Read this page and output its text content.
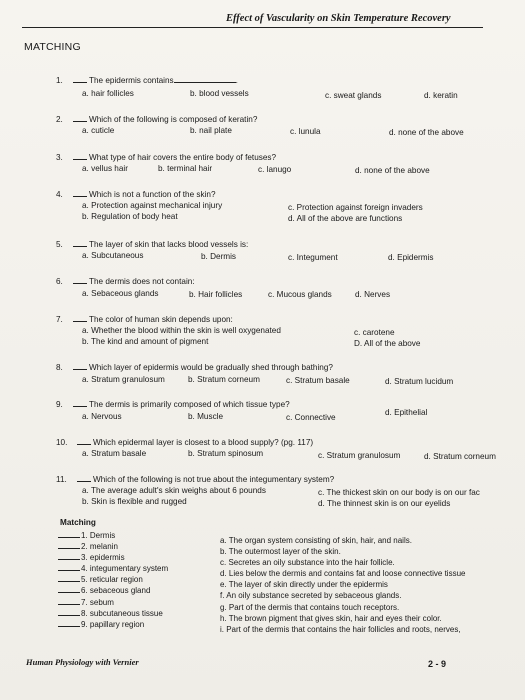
Effect of Vascularity on Skin Temperature Recovery
MATCHING
1.	The epidermis contains	.
a. hair follicles	b. blood vessels	c. sweat glands	d. keratin
2.	Which of the following is composed of keratin?
a. cuticle	b. nail plate	c. lunula	d. none of the above
3.	What type of hair covers the entire body of fetuses?
a. vellus hair	b. terminal hair	c. lanugo	d. none of the above
4.	Which is not a function of the skin?
a. Protection against mechanical injury
b. Regulation of body heat
c. Protection against foreign invaders
d. All of the above are functions
5.	The layer of skin that lacks blood vessels is:
a. Subcutaneous	b. Dermis	c. Integument	d. Epidermis
6.	The dermis does not contain:
a. Sebaceous glands	b. Hair follicles	c. Mucous glands	d. Nerves
7.	The color of human skin depends upon:
a. Whether the blood within the skin is well oxygenated
b. The kind and amount of pigment
c. carotene
D. All of the above
8.	Which layer of epidermis would be gradually shed through bathing?
a. Stratum granulosum	b. Stratum corneum	c. Stratum basale	d. Stratum lucidum
9.	The dermis is primarily composed of which tissue type?
a. Nervous	b. Muscle	c. Connective
d. Epithelial
10.	Which epidermal layer is closest to a blood supply? (pg. 117)
a. Stratum basale	b. Stratum spinosum	c. Stratum granulosum	d. Stratum corneum
11.	Which of the following is not true about the integumentary system?
a. The average adult's skin weighs about 6 pounds
b. Skin is flexible and rugged
c. The thickest skin on our body is on our fac
d. The thinnest skin is on our eyelids
Matching
1. Dermis
2. melanin
3. epidermis
4. integumentary system
5. reticular region
6. sebaceous gland
7. sebum
8. subcutaneous tissue
9. papillary region
a. The organ system consisting of skin, hair, and nails.
b. The outermost layer of the skin.
c. Secretes an oily substance into the hair follicle.
d. Lies below the dermis and contains fat and loose connective tissue
e. The layer of skin directly under the epidermis
f. An oily substance secreted by sebaceous glands.
g. Part of the dermis that contains touch receptors.
h. The brown pigment that gives skin, hair and eyes their color.
i. Part of the dermis that contains the hair follicles and roots, nerves,
Human Physiology with Vernier	2 - 9
